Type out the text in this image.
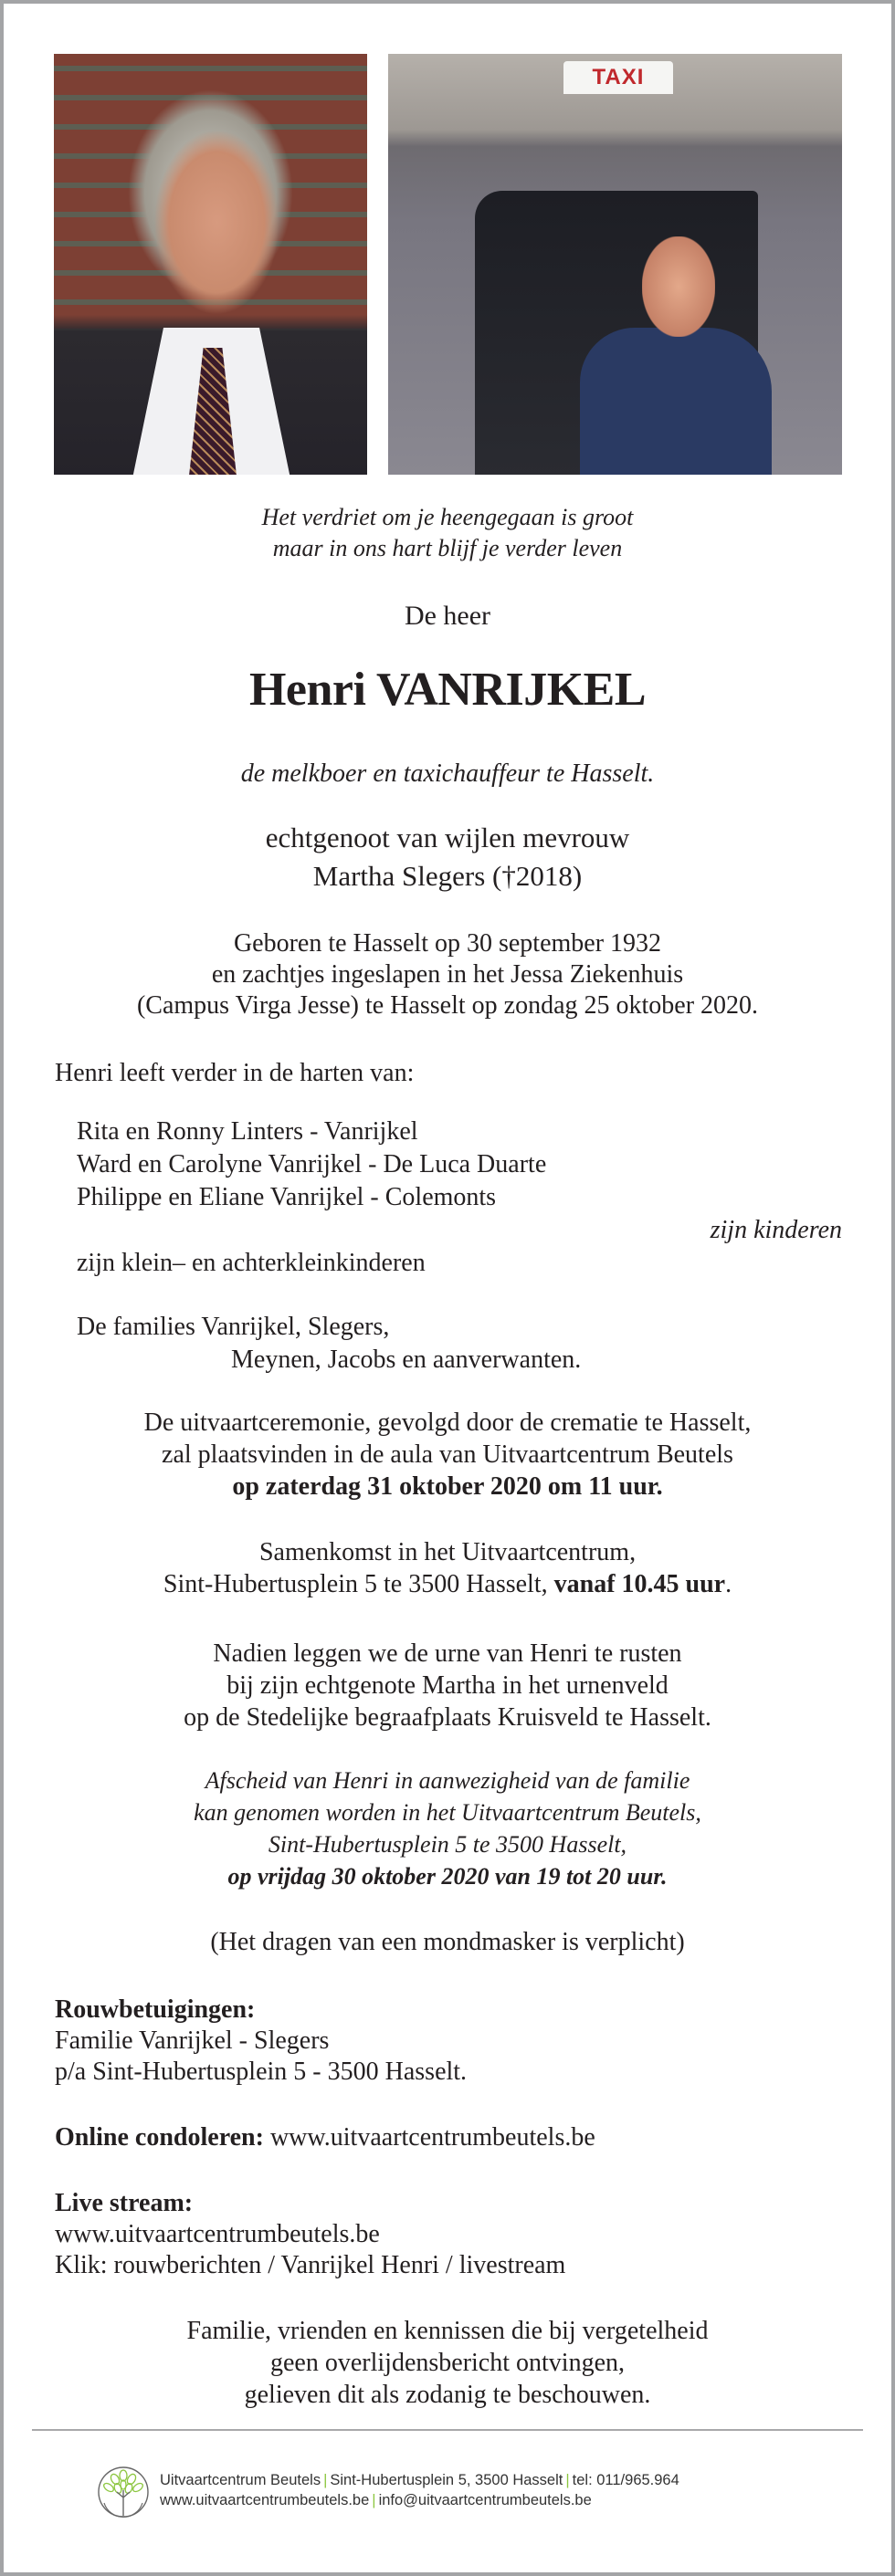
TAXI
Het verdriet om je heengegaan is groot
maar in ons hart blijf je verder leven
De heer
Henri VANRIJKEL
de melkboer en taxichauffeur te Hasselt.
echtgenoot van wijlen mevrouw
Martha Slegers (†2018)
Geboren te Hasselt op 30 september 1932
en zachtjes ingeslapen in het Jessa Ziekenhuis
(Campus Virga Jesse) te Hasselt op zondag 25 oktober 2020.
Henri leeft verder in de harten van:
Rita en Ronny Linters - Vanrijkel
Ward en Carolyne Vanrijkel - De Luca Duarte
Philippe en Eliane Vanrijkel - Colemonts
zijn kinderen
zijn klein– en achterkleinkinderen
De families Vanrijkel, Slegers,
Meynen, Jacobs en aanverwanten.
De uitvaartceremonie, gevolgd door de crematie te Hasselt,
zal plaatsvinden in de aula van Uitvaartcentrum Beutels
op zaterdag 31 oktober 2020 om 11 uur.
Samenkomst in het Uitvaartcentrum,
Sint-Hubertusplein 5 te 3500 Hasselt, vanaf 10.45 uur.
Nadien leggen we de urne van Henri te rusten
bij zijn echtgenote Martha in het urnenveld
op de Stedelijke begraafplaats Kruisveld te Hasselt.
Afscheid van Henri in aanwezigheid van de familie
kan genomen worden in het Uitvaartcentrum Beutels,
Sint-Hubertusplein 5 te 3500 Hasselt,
op vrijdag 30 oktober 2020 van 19 tot 20 uur.
(Het dragen van een mondmasker is verplicht)
Rouwbetuigingen:
Familie Vanrijkel - Slegers
p/a Sint-Hubertusplein 5 - 3500 Hasselt.
Online condoleren: www.uitvaartcentrumbeutels.be
Live stream:
www.uitvaartcentrumbeutels.be
Klik: rouwberichten / Vanrijkel Henri / livestream
Familie, vrienden en kennissen die bij vergetelheid
geen overlijdensbericht ontvingen,
gelieven dit als zodanig te beschouwen.
Uitvaartcentrum Beutels | Sint-Hubertusplein 5, 3500 Hasselt | tel: 011/965.964
www.uitvaartcentrumbeutels.be | info@uitvaartcentrumbeutels.be
